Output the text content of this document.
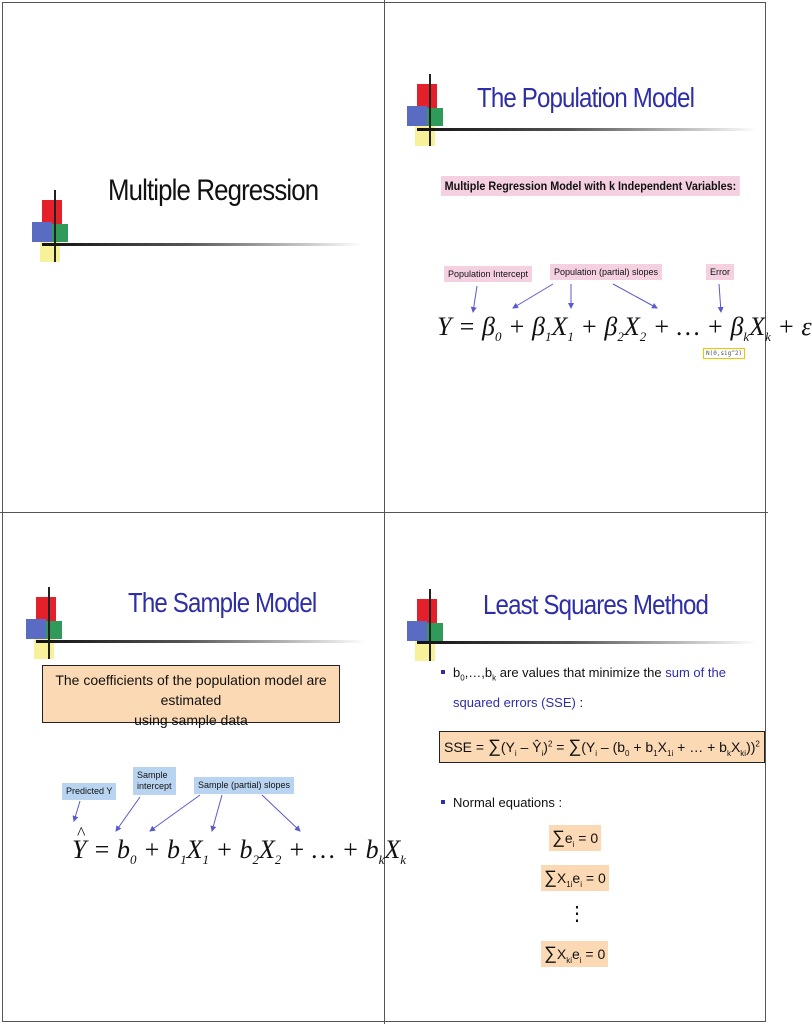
Multiple Regression
The Population Model
Multiple Regression Model with k Independent Variables:
Population Intercept	Population (partial) slopes	Error
$Y = \beta_0 + \beta_1X_1 + \beta_2X_2$ + … + $\beta_kX_k + \varepsilon$
N(0,sig^2)
The Sample Model
The coefficients of the population model are estimated
using sample data
Predicted Y
Sample
intercept	Sample (partial) slopes
^ $Y = b_0 + b_1X_1 + b_2X_2$ + … + $b_kX_k$
Least Squares Method
$b_0,\dots,b_k$ are values that minimize the sum of the
squared errors (SSE) :
SSE = $\sum(Y_i$ – $Ŷ_i)^2 = \sum(Y_i - (b_0 + b_1X_{1i}$ + … + $b_kX_{ki}))^2$
Normal equations :
$\sum e_i = 0$
$\sum X_{1i}e_i = 0$
⋮
$\sum X_{ki}e_i = 0$
